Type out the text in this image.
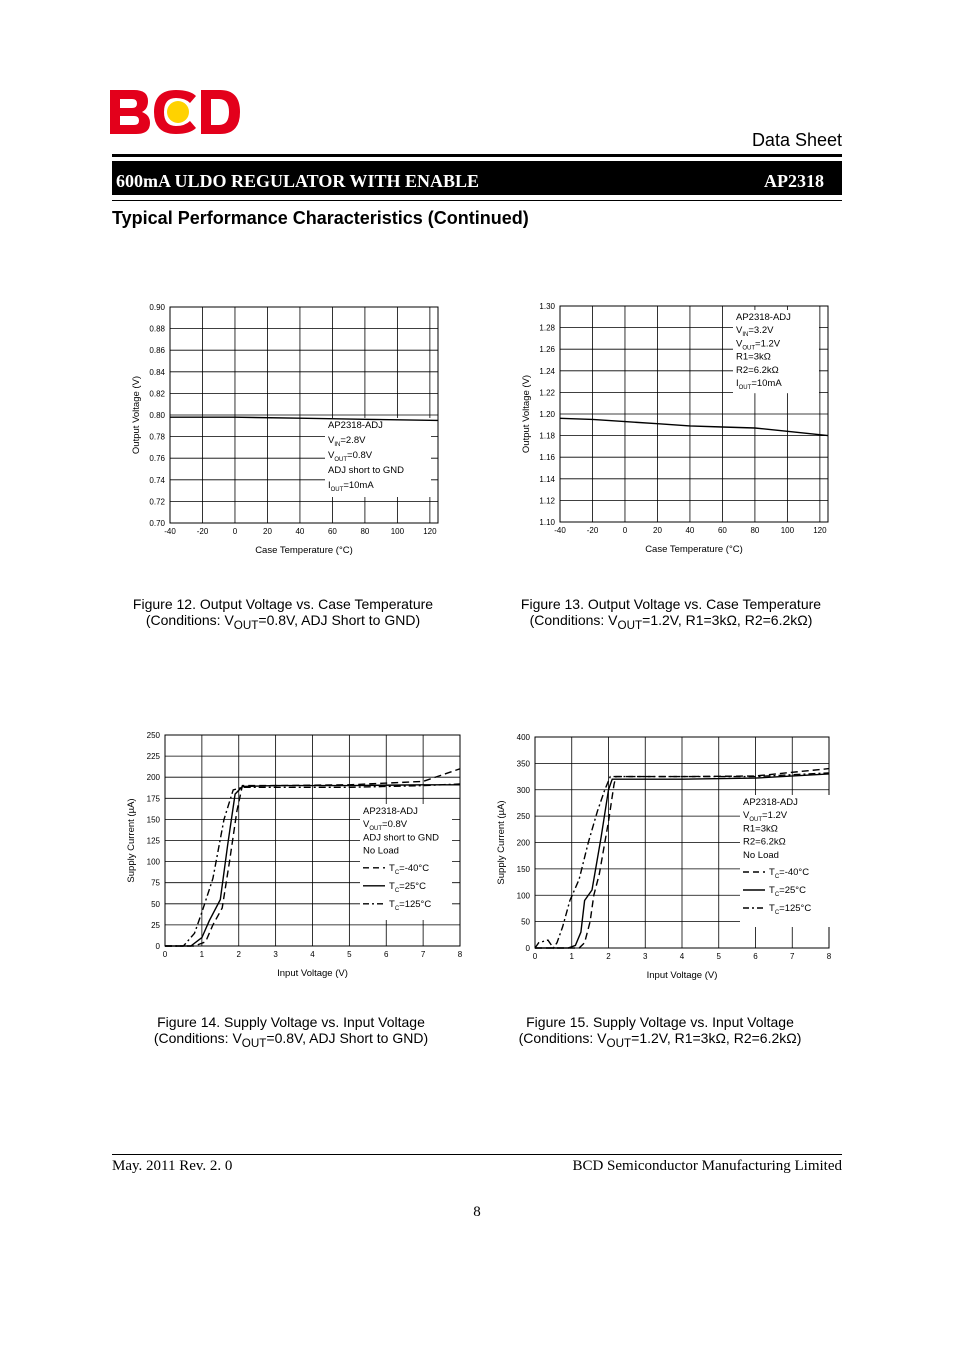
Data Sheet
600mA ULDO REGULATOR WITH ENABLE	AP2318
Typical Performance Characteristics (Continued)
0.70
0.72
0.74
0.76
0.78
0.80
0.82
0.84
0.86
0.88
0.90
-40	-20	0	20	40	60	80	100 120
AP2318-ADJ
$V_{IN}=2.8V$
$V_{OUT}=0.8V$
ADJ short to GND
$I_{OUT}=10mA$
Case Temperature (°C)
Output Voltage (V)
1.10
1.12
1.14
1.16
1.18
1.20
1.22
1.24
1.26
1.28
1.30
-40	-20	0	20	40	60	80	100 120
AP2318-ADJ
$V_{IN}=3.2V$
$V_{OUT}=1.2V$
R1=3kΩ
R2=6.2kΩ
$I_{OUT}=10mA$
Case Temperature (°C)
Output Voltage (V)
0
25
50
75
100
125
150
175
200
225
250
0	1	2	3	4	5	6	7	8
AP2318-ADJ
$V_{OUT}=0.8V$
ADJ short to GND
No Load
$T_C=-40^\circ C$
$T_C=25^\circ C$
$T_C=125^\circ C$
Input Voltage (V)
Supply Current (µA)
0
50
100
150
200
250
300
350
400
0	1	2	3	4	5	6	7	8
AP2318-ADJ
$V_{OUT}=1.2V$
R1=3kΩ
R2=6.2kΩ
No Load
$T_C=-40^\circ C$
$T_C=25^\circ C$
$T_C=125^\circ C$
Input Voltage (V)
Supply Current (µA)
Figure 12. Output Voltage vs. Case Temperature
(Conditions: $V_{OUT}=0.8V$, ADJ Short to GND)
Figure 13. Output Voltage vs. Case Temperature
(Conditions: $V_{OUT}=1.2V$, R1=3kΩ, R2=6.2kΩ)
Figure 14. Supply Voltage vs. Input Voltage
(Conditions: $V_{OUT}=0.8V$, ADJ Short to GND)
Figure 15. Supply Voltage vs. Input Voltage
(Conditions: $V_{OUT}=1.2V$, R1=3kΩ, R2=6.2kΩ)
May. 2011 Rev. 2. 0	BCD Semiconductor Manufacturing Limited
8
